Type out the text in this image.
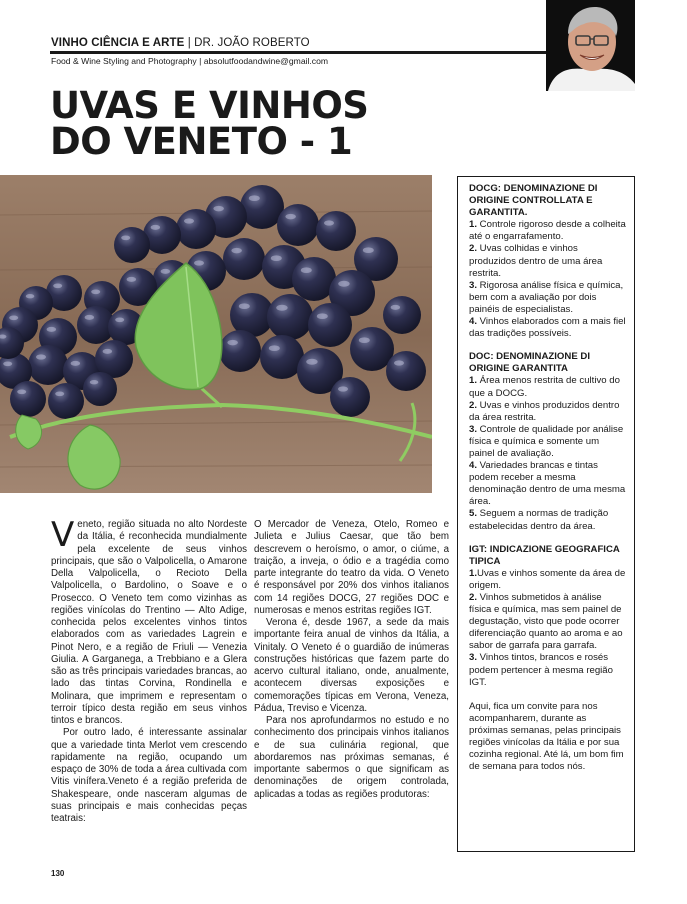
VINHO CIÊNCIA E ARTE | DR. JOÃO ROBERTO
Food & Wine Styling and Photography | absolutfoodandwine@gmail.com
UVAS E VINHOS
DO VENETO - 1

Veneto, região situada no alto Nordeste da Itália, é reconhecida mundialmente pela excelente de seus vinhos principais, que são o Valpolicella, o Amarone Della Valpolicella, o Recioto Della Valpolicella, o Bardolino, o Soave e o Prosecco. O Veneto tem como vizinhas as regiões vinícolas do Trentino — Alto Adige, conhecida pelos excelentes vinhos tintos elaborados com as variedades Lagrein e Pinot Nero, e a região de Friuli — Venezia Giulia. A Garganega, a Trebbiano e a Glera são as três principais variedades brancas, ao lado das tintas Corvina, Rondinella e Molinara, que imprimem e representam o terroir típico desta região em seus vinhos tintos e brancos.

Por outro lado, é interessante assinalar que a variedade tinta Merlot vem crescendo rapidamente na região, ocupando um espaço de 30% de toda a área cultivada com Vitis vinífera.Veneto é a região preferida de Shakespeare, onde nasceram algumas de suas principais e mais conhecidas peças teatrais:

O Mercador de Veneza, Otelo, Romeo e Julieta e Julius Caesar, que tão bem descrevem o heroísmo, o amor, o ciúme, a traição, a inveja, o ódio e a tragédia como parte integrante do teatro da vida. O Veneto é responsável por 20% dos vinhos italianos com 14 regiões DOCG, 27 regiões DOC e numerosas e menos estritas regiões IGT.

Verona é, desde 1967, a sede da mais importante feira anual de vinhos da Itália, a Vinitaly. O Veneto é o guardião de inúmeras construções históricas que fazem parte do acervo cultural italiano, onde, anualmente, acontecem diversas exposições e comemorações típicas em Verona, Veneza, Pádua, Treviso e Vicenza.

Para nos aprofundarmos no estudo e no conhecimento dos principais vinhos italianos e de sua culinária regional, que abordaremos nas próximas semanas, é importante sabermos o que significam as denominações de origem controlada, aplicadas a todas as regiões produtoras:

DOCG: DENOMINAZIONE DI ORIGINE CONTROLLATA E GARANTITA.

1. Controle rigoroso desde a colheita até o engarrafamento.

2. Uvas colhidas e vinhos produzidos dentro de uma área restrita.

3. Rigorosa análise física e química, bem com a avaliação por dois painéis de especialistas.

4. Vinhos elaborados com a mais fiel das tradições possíveis.

DOC: DENOMINAZIONE DI ORIGINE GARANTITA

1. Área menos restrita de cultivo do que a DOCG.

2. Uvas e vinhos produzidos dentro da área restrita.

3. Controle de qualidade por análise física e química e somente um painel de avaliação.

4. Variedades brancas e tintas podem receber a mesma denominação dentro de uma mesma área.

5. Seguem a normas de tradição estabelecidas dentro da área.

IGT: INDICAZIONE GEOGRAFICA TIPICA

1.Uvas e vinhos somente da área de origem.

2. Vinhos submetidos à análise física e química, mas sem painel de degustação, visto que pode ocorrer diferenciação quanto ao aroma e ao sabor de garrafa para garrafa.

3. Vinhos tintos, brancos e rosés podem pertencer à mesma região IGT.

Aqui, fica um convite para nos acompanharem, durante as próximas semanas, pelas principais regiões vinícolas da Itália e por sua cozinha regional. Até lá, um bom fim de semana para todos nós.

130
